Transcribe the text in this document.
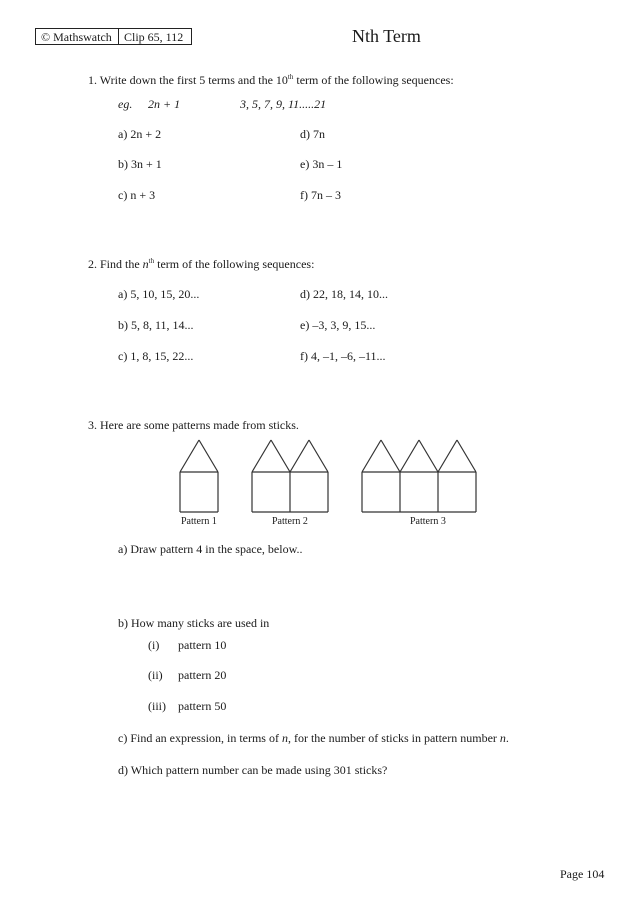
© Mathswatch	Clip 65, 112	Nth Term
1. Write down the first 5 terms and the 10th term of the following sequences:
eg. 2n + 1	3, 5, 7, 9, 11.....21
a) 2n + 2
b) 3n + 1
c) n + 3
d) 7n
e) 3n – 1
f) 7n – 3
2. Find the $n^{th}$ term of the following sequences:
a) 5, 10, 15, 20...
b) 5, 8, 11, 14...
c) 1, 8, 15, 22...
d) 22, 18, 14, 10...
e) –3, 3, 9, 15...
f) 4, –1, –6, –11...
3. Here are some patterns made from sticks.
Pattern 1	Pattern 2	Pattern 3
a) Draw pattern 4 in the space, below..
b) How many sticks are used in
(i) pattern 10
(ii) pattern 20
(iii) pattern 50
c) Find an expression, in terms of n, for the number of sticks in pattern number n.
d) Which pattern number can be made using 301 sticks?
Page 104
